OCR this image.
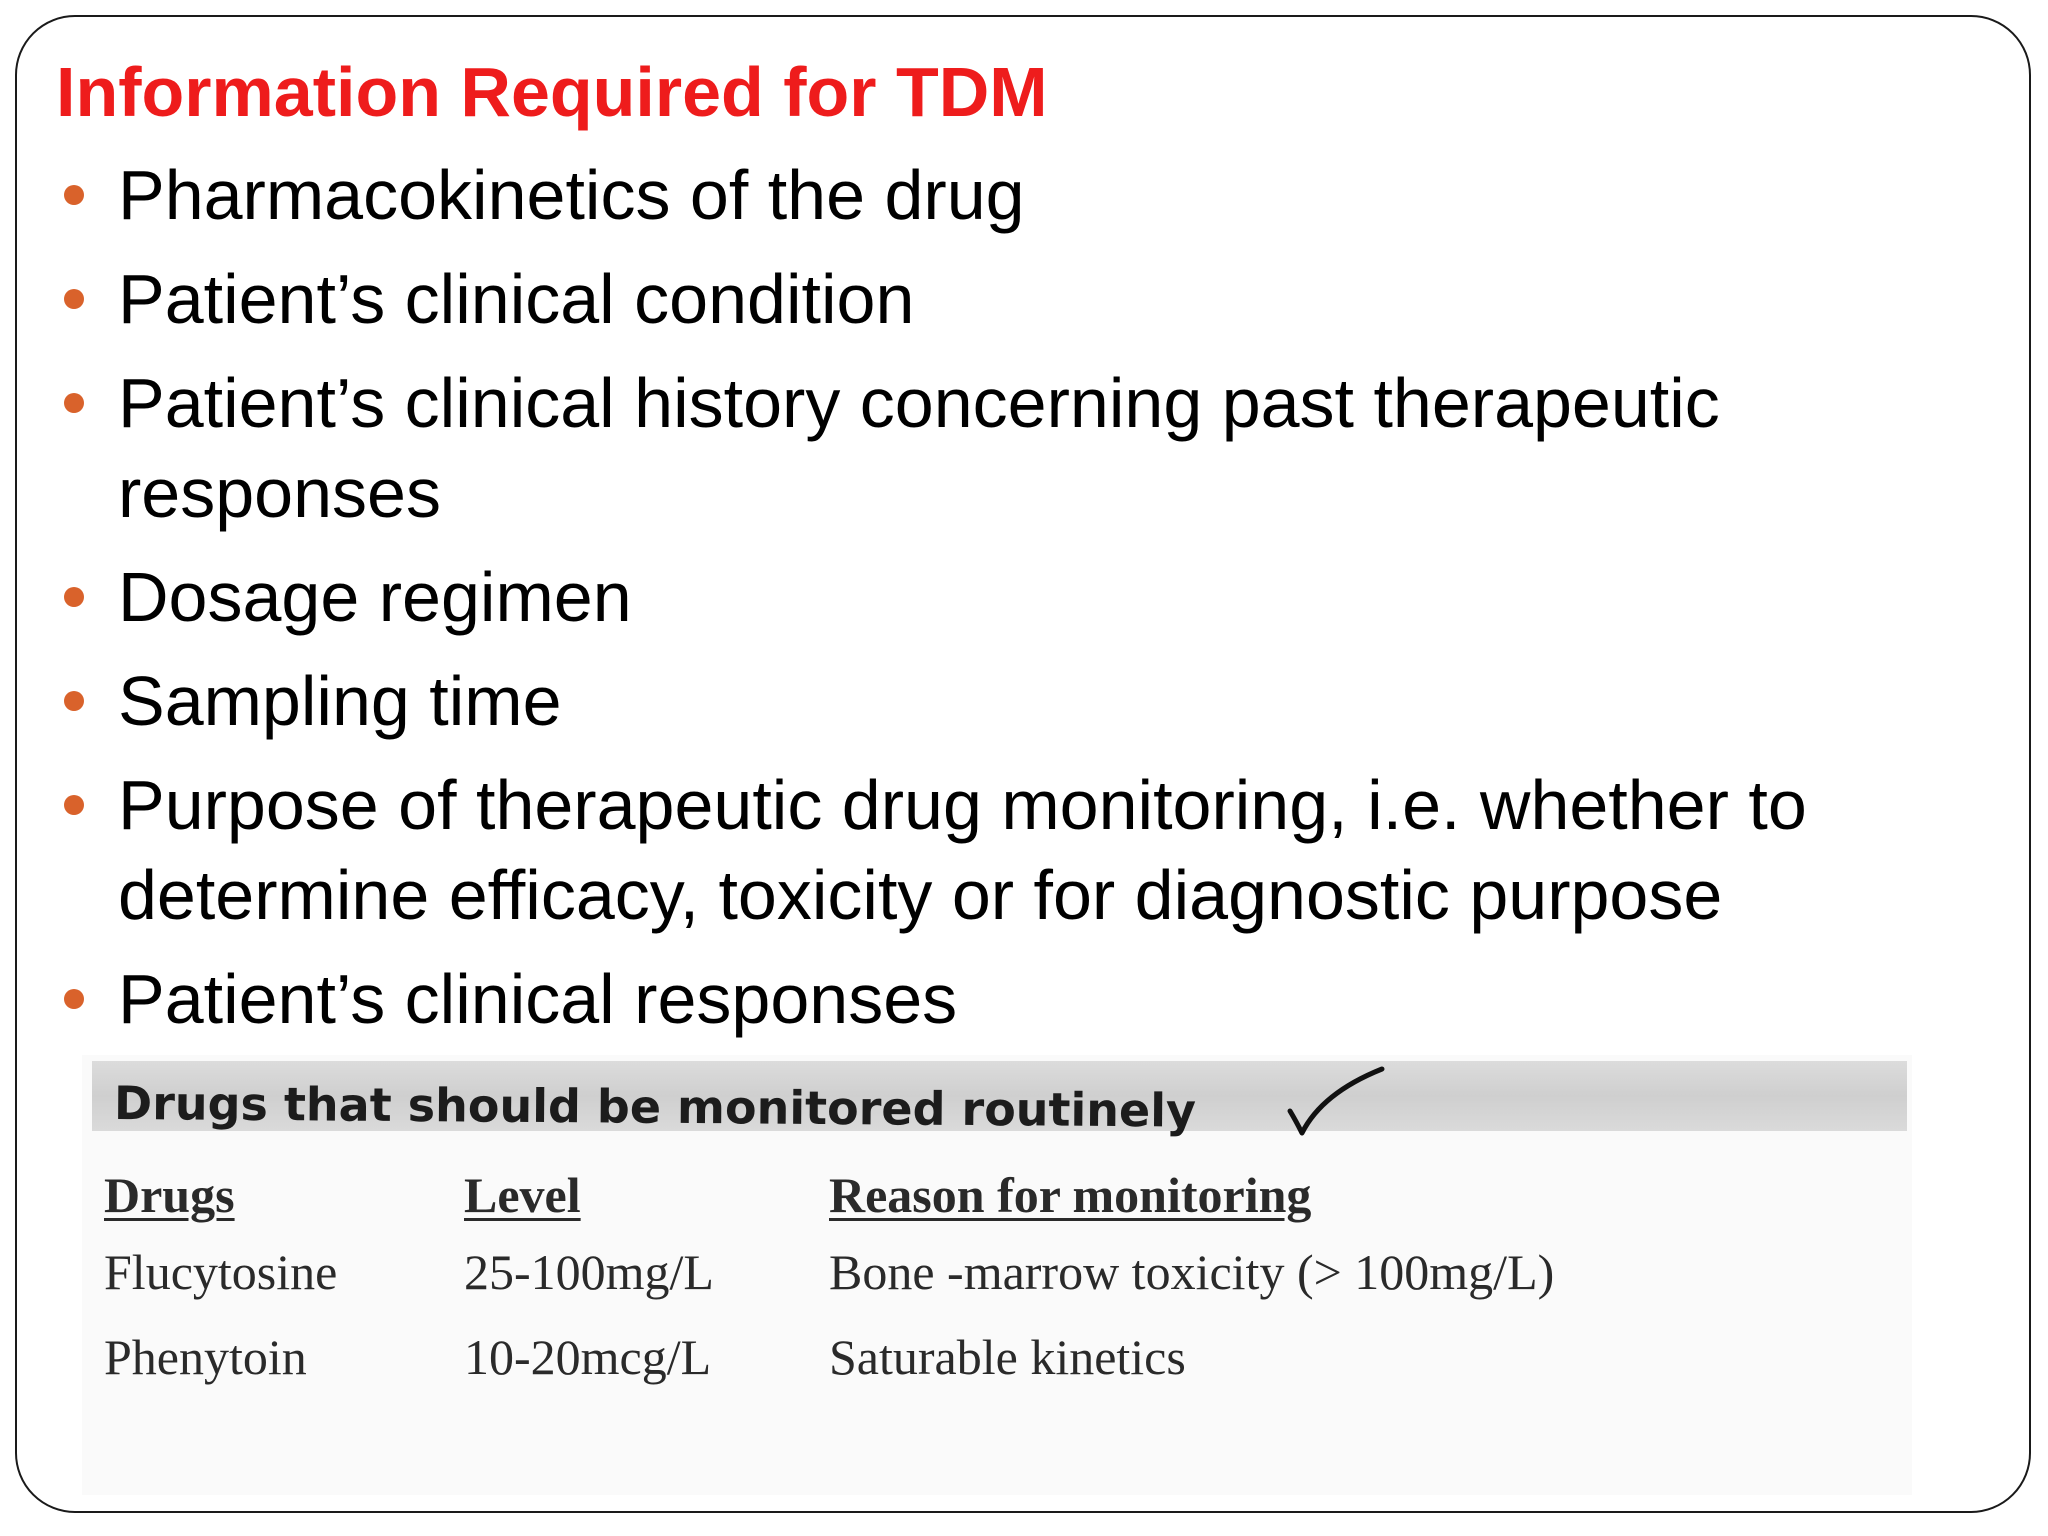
Information Required for TDM
Pharmacokinetics of the drug
Patient’s clinical condition
Patient’s clinical history concerning past therapeutic responses
Dosage regimen
Sampling time
Purpose of therapeutic drug monitoring, i.e. whether to determine efficacy, toxicity or for diagnostic purpose
Patient’s clinical responses
Drugs that should be monitored routinely
Drugs	Level	Reason for monitoring
Flucytosine	25-100mg/L	Bone -marrow toxicity (> 100mg/L)
Phenytoin	10-20mcg/L	Saturable kinetics
